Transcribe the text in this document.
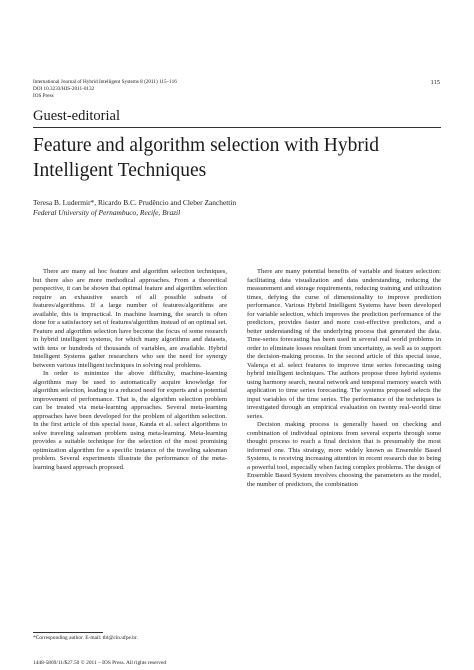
International Journal of Hybrid Intelligent Systems 8 (2011) 115–116
DOI 10.3233/HIS-2011-0132
IOS Press
115
Guest-editorial
Feature and algorithm selection with Hybrid
Intelligent Techniques
Teresa B. Ludermir*, Ricardo B.C. Prudêncio and Cleber Zanchettin
Federal University of Pernambuco, Recife, Brazil

There are many ad hoc feature and algorithm selection techniques, but there also are more methodical approaches. From a theoretical perspective, it can be shown that optimal feature and algorithm selection require an exhaustive search of all possible subsets of features/algorithms. If a large number of features/algorithms are available, this is impractical. In machine learning, the search is often done for a satisfactory set of features/algorithm instead of an optimal set. Feature and algorithm selection have become the focus of some research in hybrid intelligent systems, for which many algorithms and datasets, with tens or hundreds of thousands of variables, are available. Hybrid Intelligent Systems gather researchers who see the need for synergy between various intelligent techniques in solving real problems.

In order to minimize the above difficulty, machine-learning algorithms may be used to automatically acquire knowledge for algorithm selection, leading to a reduced need for experts and a potential improvement of performance. That is, the algorithm selection problem can be treated via meta-learning approaches. Several meta-learning approaches have been developed for the problem of algorithm selection. In the first article of this special issue, Kanda et al. select algorithms to solve traveling salesman problem using meta-learning. Meta-learning provides a suitable technique for the selection of the most promising optimization algorithm for a specific instance of the traveling salesman problem. Several experiments illustrate the performance of the meta-learning based approach proposed.

There are many potential benefits of variable and feature selection: facilitating data visualization and data understanding, reducing the measurement and storage requirements, reducing training and utilization times, defying the curse of dimensionality to improve prediction performance. Various Hybrid Intelligent Systems have been developed for variable selection, which improves the prediction performance of the predictors, provides faster and more cost-effective predictors, and a better understanding of the underlying process that generated the data. Time-series forecasting has been used in several real world problems in order to eliminate losses resultant from uncertainty, as well as to support the decision-making process. In the second article of this special issue, Valença et al. select features to improve time series forecasting using hybrid intelligent techniques. The authors propose three hybrid systems using harmony search, neural network and temporal memory search with application to time series forecasting. The systems proposed selects the input variables of the time series. The performance of the techniques is investigated through an empirical evaluation on twenty real-world time series.

Decision making process is generally based on checking and combination of individual opinions from several experts through some thought process to reach a final decision that is presumably the most informed one. This strategy, more widely known as Ensemble Based Systems, is receiving increasing attention in recent research due to being a powerful tool, especially when facing complex problems. The design of Ensemble Based System involves choosing the parameters as the model, the number of predictors, the combination

*Corresponding author. E-mail: tbl@cin.ufpe.br.
1448-5869/11/$27.50 © 2011 – IOS Press. All rights reserved
